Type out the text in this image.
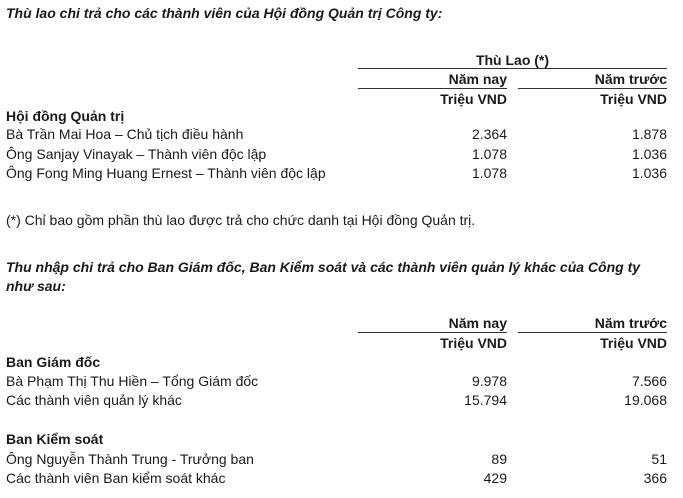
Thù lao chi trả cho các thành viên của Hội đồng Quản trị Công ty:
Thù Lao (*)
Năm nay	Năm trước
Triệu VND	Triệu VND
Hội đồng Quản trị
Bà Trần Mai Hoa – Chủ tịch điều hành	2.364	1.878
Ông Sanjay Vinayak – Thành viên độc lập	1.078	1.036
Ông Fong Ming Huang Ernest – Thành viên độc lập	1.078	1.036
(*) Chỉ bao gồm phần thù lao được trả cho chức danh tại Hội đồng Quản trị.
Thu nhập chi trả cho Ban Giám đốc, Ban Kiểm soát và các thành viên quản lý khác của Công ty
như sau:
Năm nay	Năm trước
Triệu VND	Triệu VND
Ban Giám đốc
Bà Phạm Thị Thu Hiền – Tổng Giám đốc	9.978	7.566
Các thành viên quản lý khác	15.794	19.068
Ban Kiểm soát
Ông Nguyễn Thành Trung - Trưởng ban	89	51
Các thành viên Ban kiểm soát khác	429	366
